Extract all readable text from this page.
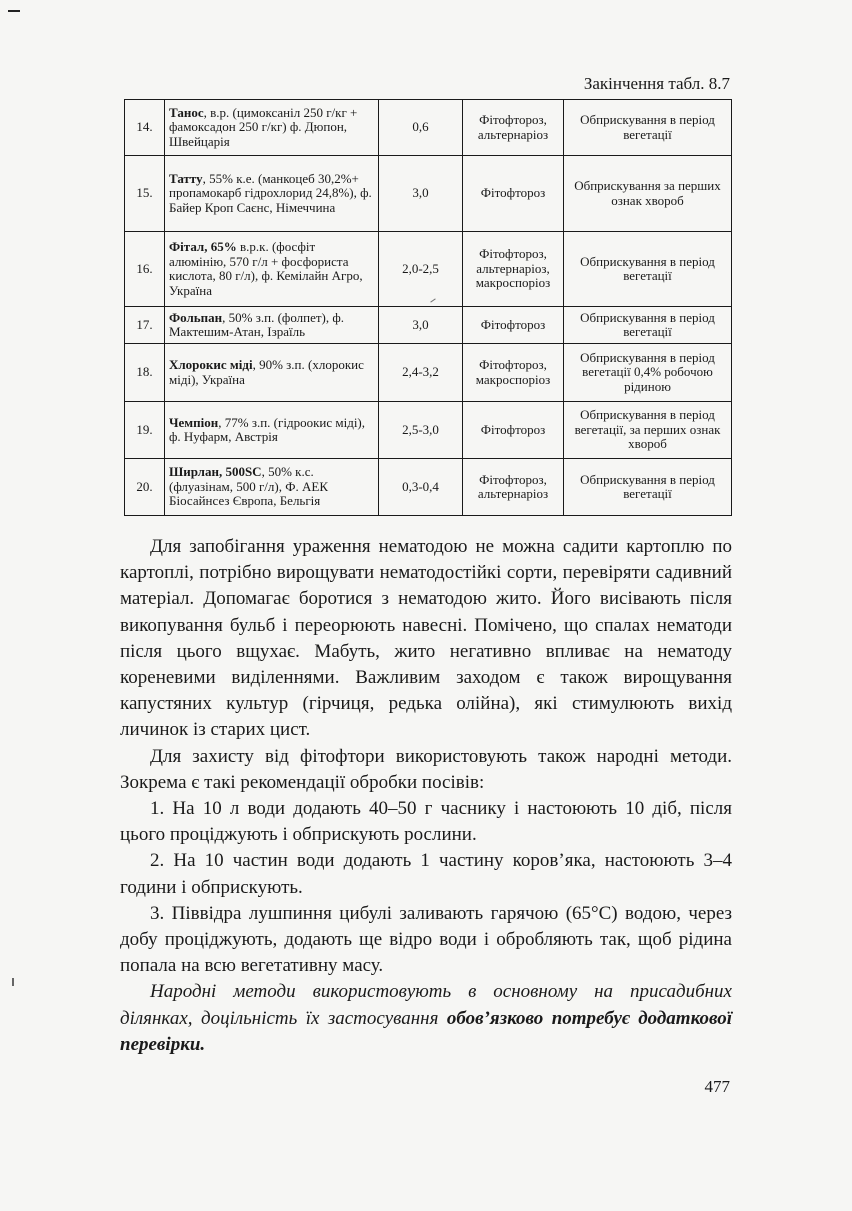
Закінчення табл. 8.7
14.	Танос, в.р. (цимоксаніл 250 г/кг + фамоксадон 250 г/кг) ф. Дюпон, Швейцарія	0,6	Фітофтороз, альтернаріоз	Обприскування в період вегетації
15.	Татту, 55% к.е. (манкоцеб 30,2%+ пропамокарб гідрохлорид 24,8%), ф. Байер Кроп Саєнс, Німеччина	3,0	Фітофтороз	Обприскування за перших ознак хвороб
16.	Фітал, 65% в.р.к. (фосфіт алюмінію, 570 г/л + фосфориста кислота, 80 г/л), ф. Кемілайн Агро, Україна	2,0-2,5	Фітофтороз, альтернаріоз, макроспоріоз	Обприскування в період вегетації
17.	Фольпан, 50% з.п. (фолпет), ф. Мактешим-Атан, Ізраїль	3,0	Фітофтороз	Обприскування в період вегетації
18.	Хлорокис міді, 90% з.п. (хлорокис міді), Україна	2,4-3,2	Фітофтороз, макроспоріоз	Обприскування в період вегетації 0,4% робочою рідиною
19.	Чемпіон, 77% з.п. (гідроокис міді), ф. Нуфарм, Австрія	2,5-3,0	Фітофтороз	Обприскування в період вегетації, за перших ознак хвороб
20.	Ширлан, 500SC, 50% к.с. (флуазінам, 500 г/л), Ф. АЕК Біосайнсез Європа, Бельгія	0,3-0,4	Фітофтороз, альтернаріоз	Обприскування в період вегетації

Для запобігання ураження нематодою не можна садити картоплю по картоплі, потрібно вирощувати нематодостійкі сорти, перевіряти садивний матеріал. Допомагає боротися з нематодою жито. Його висівають після викопування бульб і переорюють навесні. Помічено, що спалах нематоди після цього вщухає. Мабуть, жито негативно впливає на нематоду кореневими виділеннями. Важливим заходом є також вирощування капустяних культур (гірчиця, редька олійна), які стимулюють вихід личинок із старих цист.

Для захисту від фітофтори використовують також народні методи. Зокрема є такі рекомендації обробки посівів:

1. На 10 л води додають 40–50 г часнику і настоюють 10 діб, після цього проціджують і обприскують рослини.

2. На 10 частин води додають 1 частину коров’яка, настоюють 3–4 години і обприскують.

3. Піввідра лушпиння цибулі заливають гарячою (65°С) водою, через добу проціджують, додають ще відро води і обробляють так, щоб рідина попала на всю вегетативну масу.

Народні методи використовують в основному на присадибних ділянках, доцільність їх застосування обов’язково потребує додаткової перевірки.

477
